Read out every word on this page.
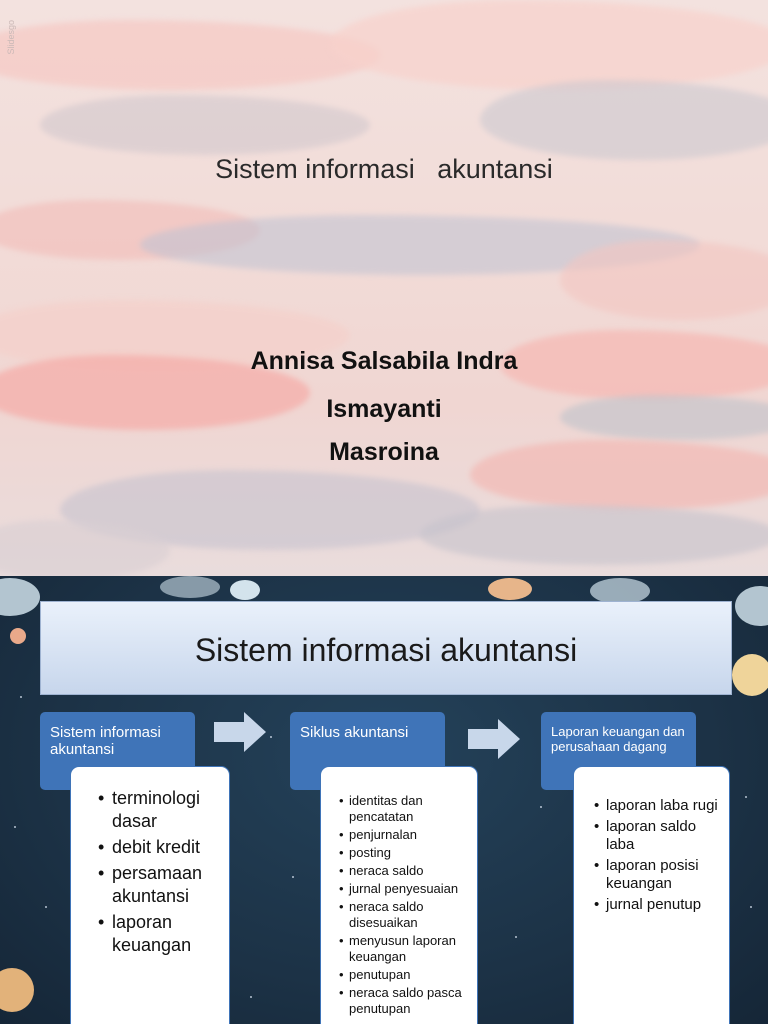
Slidesgo
Sistem informasi   akuntansi
Annisa Salsabila Indra
Ismayanti
Masroina
Sistem informasi akuntansi
Sistem informasi akuntansi
Siklus akuntansi	Laporan keuangan dan perusahaan dagang
• terminologi dasar
• debit kredit
• persamaan akuntansi
• laporan keuangan
• identitas dan pencatatan
• penjurnalan
• posting
• neraca saldo
• jurnal penyesuaian
• neraca saldo disesuaikan
• menyusun laporan keuangan
• penutupan
• neraca saldo pasca penutupan
• laporan laba rugi
• laporan saldo laba
• laporan posisi keuangan
• jurnal penutup
